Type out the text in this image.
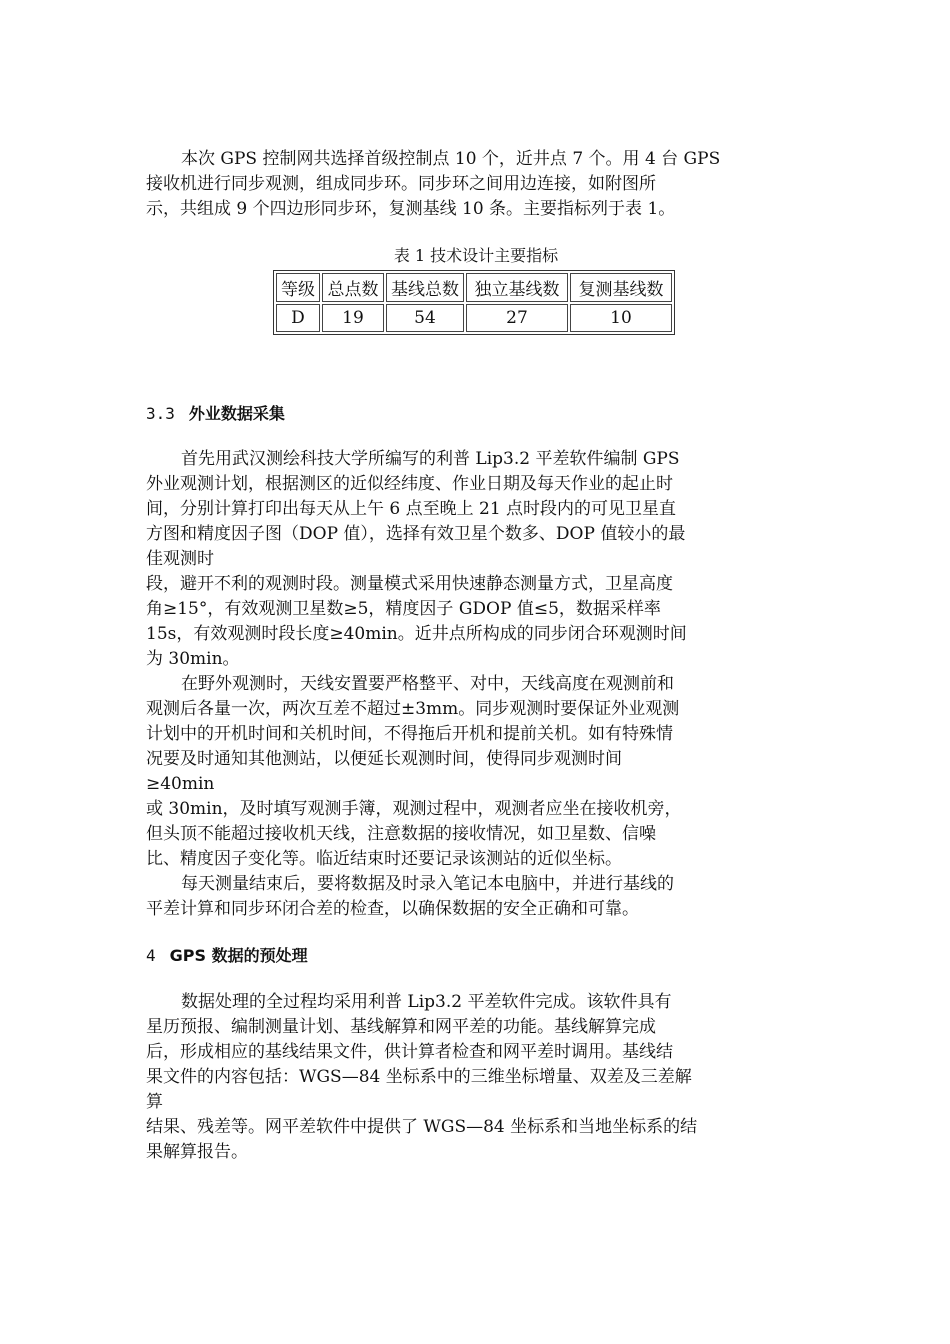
本次 GPS 控制网共选择首级控制点 10 个，近井点 7 个。用 4 台 GPS
接收机进行同步观测，组成同步环。同步环之间用边连接，如附图所
示，共组成 9 个四边形同步环，复测基线 10 条。主要指标列于表 1。
表 1 技术设计主要指标
等级	总点数	基线总数	独立基线数	复测基线数
D	19	54	27	10
3.3 外业数据采集
首先用武汉测绘科技大学所编写的利普 Lip3.2 平差软件编制 GPS
外业观测计划，根据测区的近似经纬度、作业日期及每天作业的起止时
间，分别计算打印出每天从上午 6 点至晚上 21 点时段内的可见卫星直
方图和精度因子图（DOP 值），选择有效卫星个数多、DOP 值较小的最
佳观测时
段，避开不利的观测时段。测量模式采用快速静态测量方式，卫星高度
角≥15°，有效观测卫星数≥5，精度因子 GDOP 值≤5，数据采样率
15s，有效观测时段长度≥40min。近井点所构成的同步闭合环观测时间
为 30min。
在野外观测时，天线安置要严格整平、对中，天线高度在观测前和
观测后各量一次，两次互差不超过±3mm。同步观测时要保证外业观测
计划中的开机时间和关机时间，不得拖后开机和提前关机。如有特殊情
况要及时通知其他测站，以便延长观测时间，使得同步观测时间
≥40min
或 30min，及时填写观测手簿，观测过程中，观测者应坐在接收机旁，
但头顶不能超过接收机天线，注意数据的接收情况，如卫星数、信噪
比、精度因子变化等。临近结束时还要记录该测站的近似坐标。
每天测量结束后，要将数据及时录入笔记本电脑中，并进行基线的
平差计算和同步环闭合差的检查，以确保数据的安全正确和可靠。
4 GPS 数据的预处理
数据处理的全过程均采用利普 Lip3.2 平差软件完成。该软件具有
星历预报、编制测量计划、基线解算和网平差的功能。基线解算完成
后，形成相应的基线结果文件，供计算者检查和网平差时调用。基线结
果文件的内容包括：WGS—84 坐标系中的三维坐标增量、双差及三差解
算
结果、残差等。网平差软件中提供了 WGS—84 坐标系和当地坐标系的结
果解算报告。
